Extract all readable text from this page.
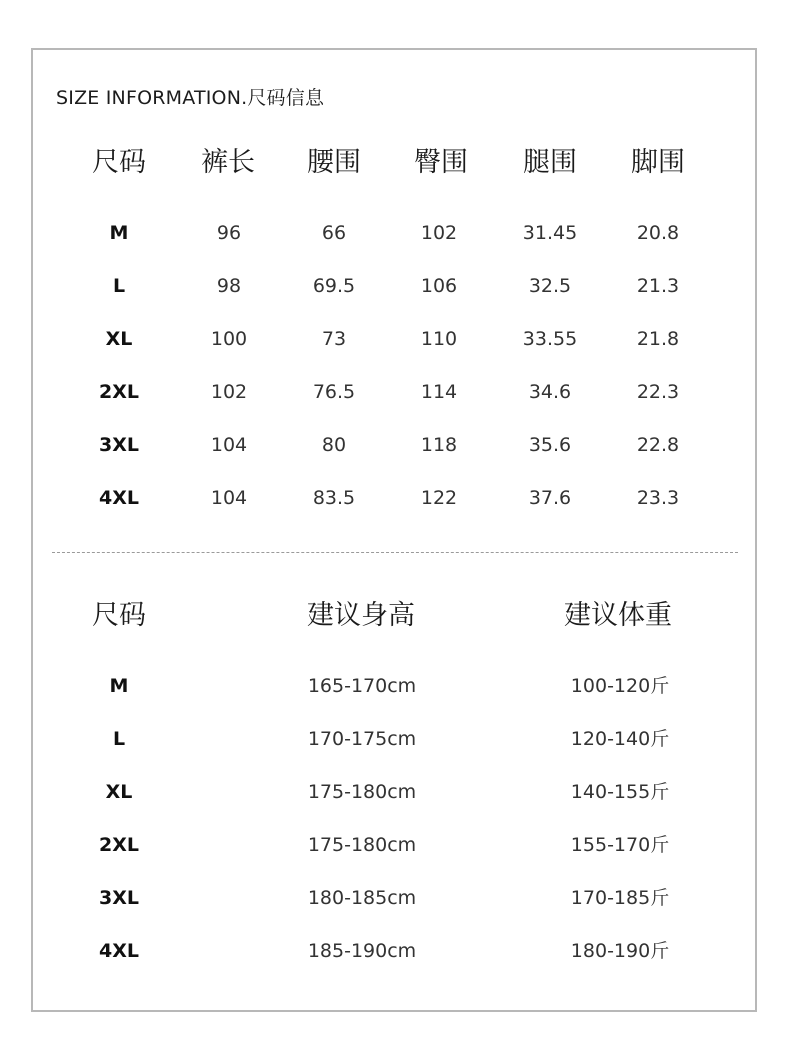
SIZE INFORMATION.尺码信息
尺码 裤长 腰围 臀围 腿围 脚围
M	96	66	102	31.45	20.8
L	98	69.5	106	32.5	21.3
XL	100	73	110	33.55	21.8
2XL	102	76.5	114	34.6	22.3
3XL	104	80	118	35.6	22.8
4XL	104	83.5	122	37.6	23.3
尺码	建议身高	建议体重
M	165-170cm	100-120斤
L	170-175cm	120-140斤
XL	175-180cm	140-155斤
2XL	175-180cm	155-170斤
3XL	180-185cm	170-185斤
4XL	185-190cm	180-190斤
